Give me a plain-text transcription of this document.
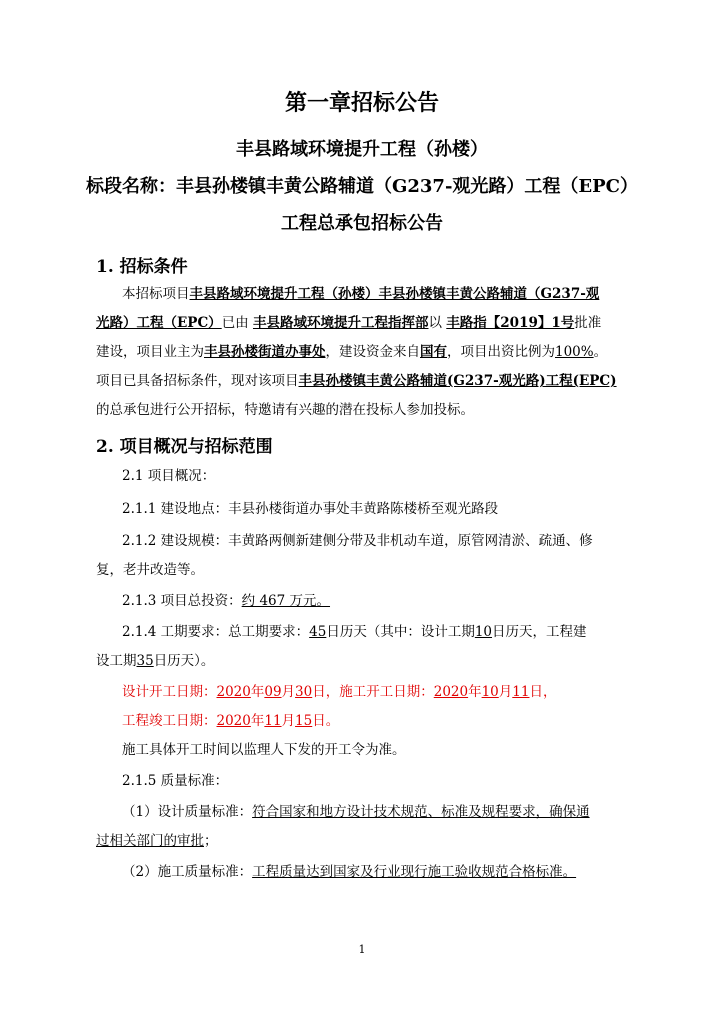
第一章招标公告
丰县路域环境提升工程（孙楼）
标段名称：丰县孙楼镇丰黄公路辅道（G237-观光路）工程（EPC）
工程总承包招标公告
1. 招标条件
本招标项目丰县路域环境提升工程（孙楼）丰县孙楼镇丰黄公路辅道（G237-观
光路）工程（EPC）已由 丰县路域环境提升工程指挥部以 丰路指【2019】1号批准
建设，项目业主为丰县孙楼街道办事处，建设资金来自国有，项目出资比例为100%。
项目已具备招标条件，现对该项目丰县孙楼镇丰黄公路辅道(G237-观光路)工程(EPC)
的总承包进行公开招标，特邀请有兴趣的潜在投标人参加投标。
2. 项目概况与招标范围
2.1 项目概况：
2.1.1 建设地点：丰县孙楼街道办事处丰黄路陈楼桥至观光路段
2.1.2 建设规模：丰黄路两侧新建侧分带及非机动车道，原管网清淤、疏通、修
复，老井改造等。
2.1.3 项目总投资：约 467 万元。
2.1.4 工期要求：总工期要求：45日历天（其中：设计工期10日历天，工程建
设工期35日历天）。
设计开工日期：2020年09月30日，施工开工日期：2020年10月11日，
工程竣工日期：2020年11月15日。
施工具体开工时间以监理人下发的开工令为准。
2.1.5 质量标准：
（1）设计质量标准：符合国家和地方设计技术规范、标准及规程要求，确保通
过相关部门的审批；
（2）施工质量标准：工程质量达到国家及行业现行施工验收规范合格标准。
1
